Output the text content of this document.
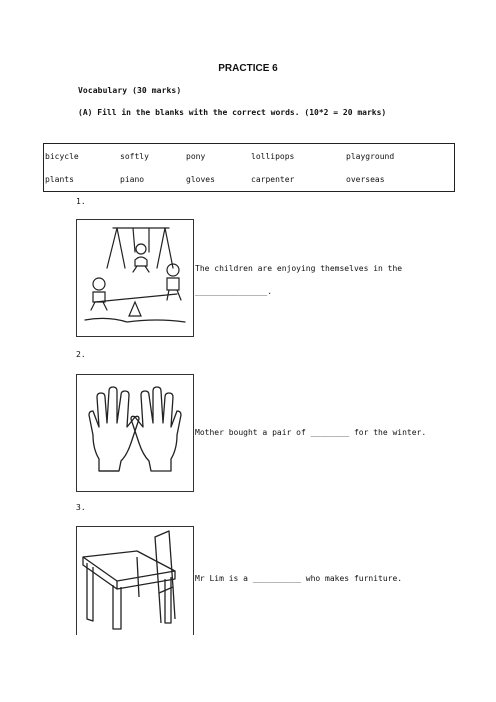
PRACTICE 6
Vocabulary (30 marks)
(A) Fill in the blanks with the correct words. (10*2 = 20 marks)
bicycle	softly	pony	lollipops	playground
plants	piano	gloves	carpenter	overseas
1.
The children are enjoying themselves in the
_______________.
2.
Mother bought a pair of ________ for the winter.
3.
Mr Lim is a __________ who makes furniture.
